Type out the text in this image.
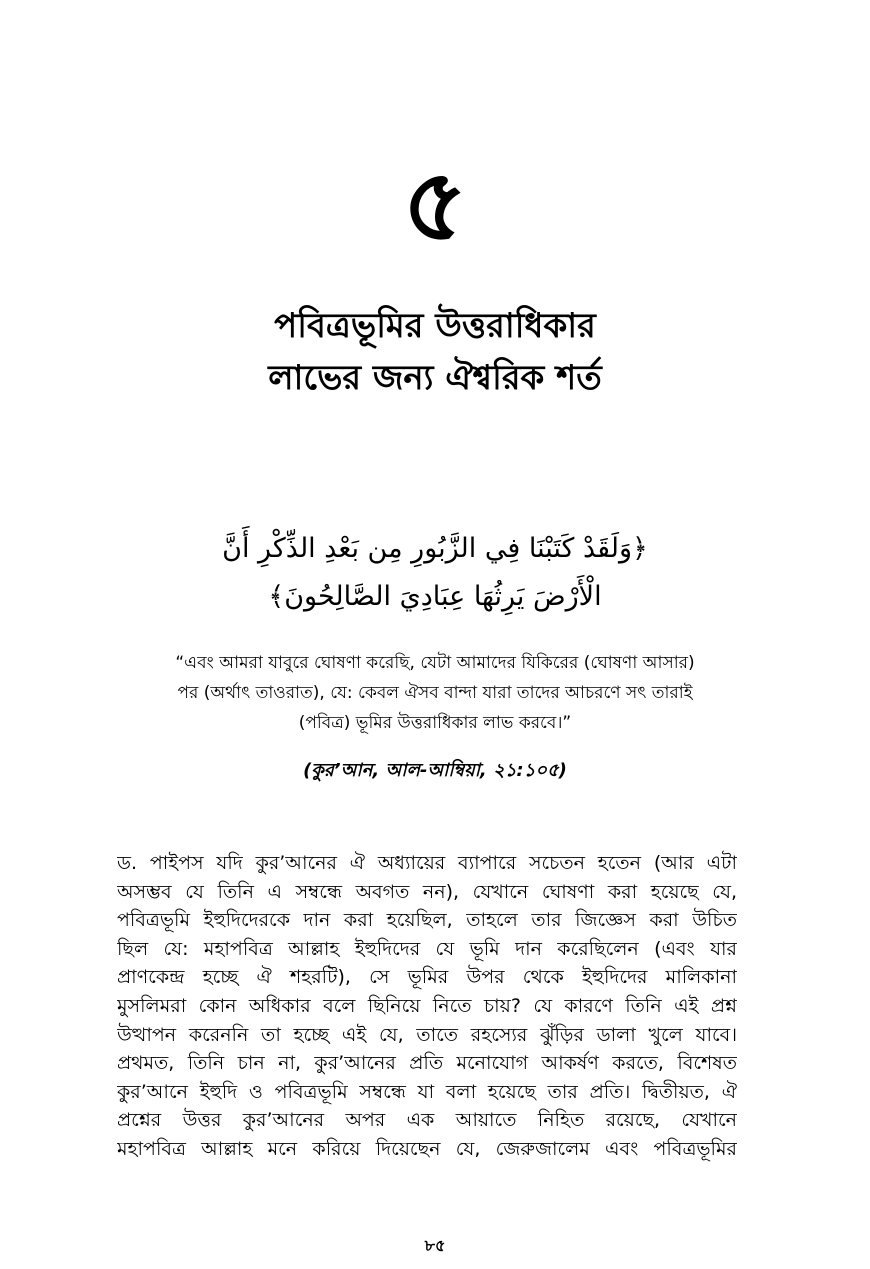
৫
পবিত্রভূমির উত্তরাধিকার
লাভের জন্য ঐশ্বরিক শর্ত
﴿وَلَقَدْ كَتَبْنَا فِي الزَّبُورِ مِن بَعْدِ الذِّكْرِ أَنَّ
الْأَرْضَ يَرِثُهَا عِبَادِيَ الصَّالِحُونَ﴾
“এবং আমরা যাবুরে ঘোষণা করেছি, যেটা আমাদের যিকিরের (ঘোষণা আসার)
পর (অর্থাৎ তাওরাত), যে: কেবল ঐসব বান্দা যারা তাদের আচরণে সৎ তারাই
(পবিত্র) ভূমির উত্তরাধিকার লাভ করবে।”
(কুর’আন, আল-আম্বিয়া, ২১:১০৫)
ড. পাইপস যদি কুর’আনের ঐ অধ্যায়ের ব্যাপারে সচেতন হতেন (আর এটা
অসম্ভব যে তিনি এ সম্বন্ধে অবগত নন), যেখানে ঘোষণা করা হয়েছে যে,
পবিত্রভূমি ইহুদিদেরকে দান করা হয়েছিল, তাহলে তার জিজ্ঞেস করা উচিত
ছিল যে: মহাপবিত্র আল্লাহ ইহুদিদের যে ভূমি দান করেছিলেন (এবং যার
প্রাণকেন্দ্র হচ্ছে ঐ শহরটি), সে ভূমির উপর থেকে ইহুদিদের মালিকানা
মুসলিমরা কোন অধিকার বলে ছিনিয়ে নিতে চায়? যে কারণে তিনি এই প্রশ্ন
উত্থাপন করেননি তা হচ্ছে এই যে, তাতে রহস্যের ঝুঁড়ির ডালা খুলে যাবে।
প্রথমত, তিনি চান না, কুর’আনের প্রতি মনোযোগ আকর্ষণ করতে, বিশেষত
কুর’আনে ইহুদি ও পবিত্রভূমি সম্বন্ধে যা বলা হয়েছে তার প্রতি। দ্বিতীয়ত, ঐ
প্রশ্নের উত্তর কুর’আনের অপর এক আয়াতে নিহিত রয়েছে, যেখানে
মহাপবিত্র আল্লাহ মনে করিয়ে দিয়েছেন যে, জেরুজালেম এবং পবিত্রভূমির
৮৫
